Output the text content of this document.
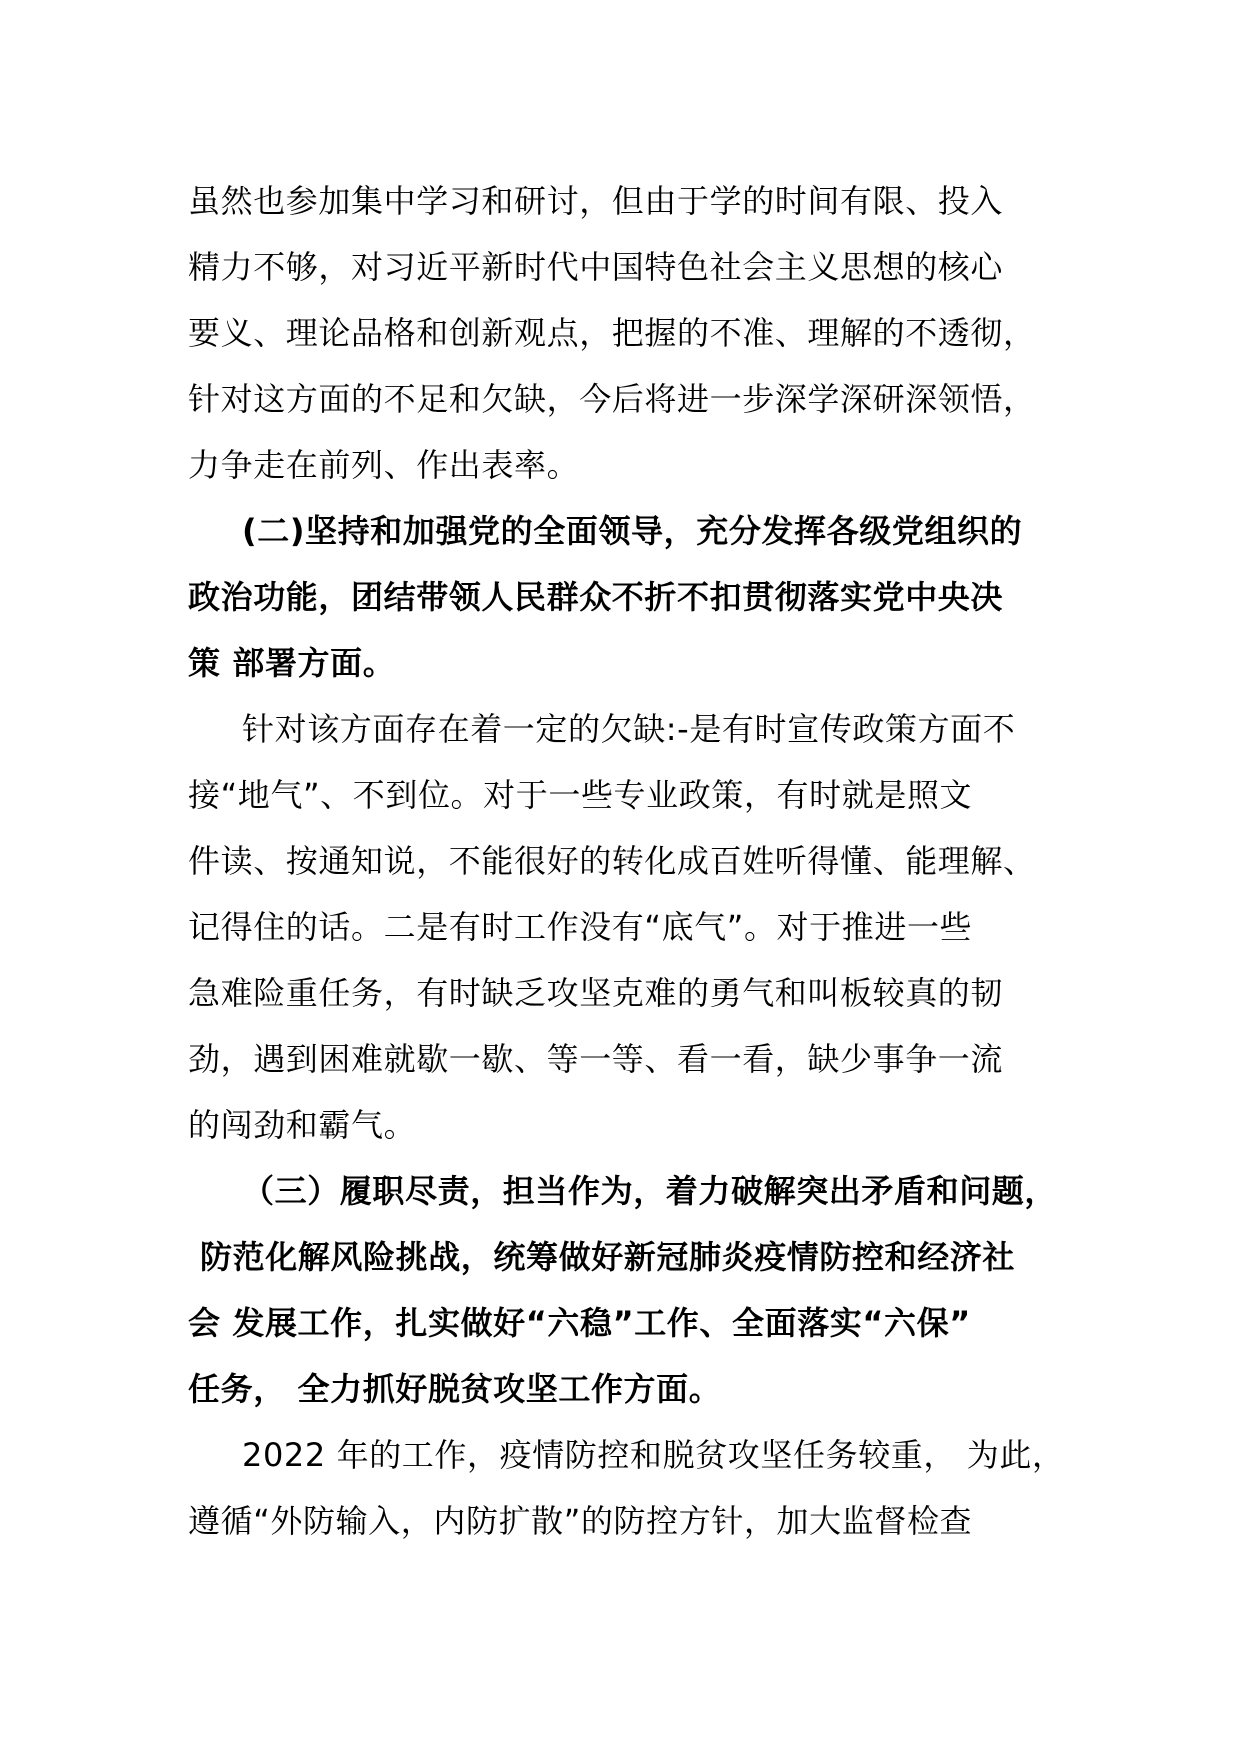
虽然也参加集中学习和研讨，但由于学的时间有限、投入
精力不够，对习近平新时代中国特色社会主义思想的核心
要义、理论品格和创新观点，把握的不准、理解的不透彻，
针对这方面的不足和欠缺，今后将进一步深学深研深领悟，
力争走在前列、作出表率。
(二)坚持和加强党的全面领导，充分发挥各级党组织的
政治功能，团结带领人民群众不折不扣贯彻落实党中央决
策 部署方面。
针对该方面存在着一定的欠缺:-是有时宣传政策方面不
接“地气”、不到位。对于一些专业政策，有时就是照文
件读、按通知说，不能很好的转化成百姓听得懂、能理解、
记得住的话。二是有时工作没有“底气”。对于推进一些
急难险重任务，有时缺乏攻坚克难的勇气和叫板较真的韧
劲，遇到困难就歇一歇、等一等、看一看，缺少事争一流
的闯劲和霸气。
（三）履职尽责，担当作为，着力破解突出矛盾和问题，
防范化解风险挑战，统筹做好新冠肺炎疫情防控和经济社
会 发展工作，扎实做好“六稳”工作、全面落实“六保”
任务， 全力抓好脱贫攻坚工作方面。
2022 年的工作，疫情防控和脱贫攻坚任务较重， 为此，
遵循“外防输入，内防扩散”的防控方针，加大监督检查
